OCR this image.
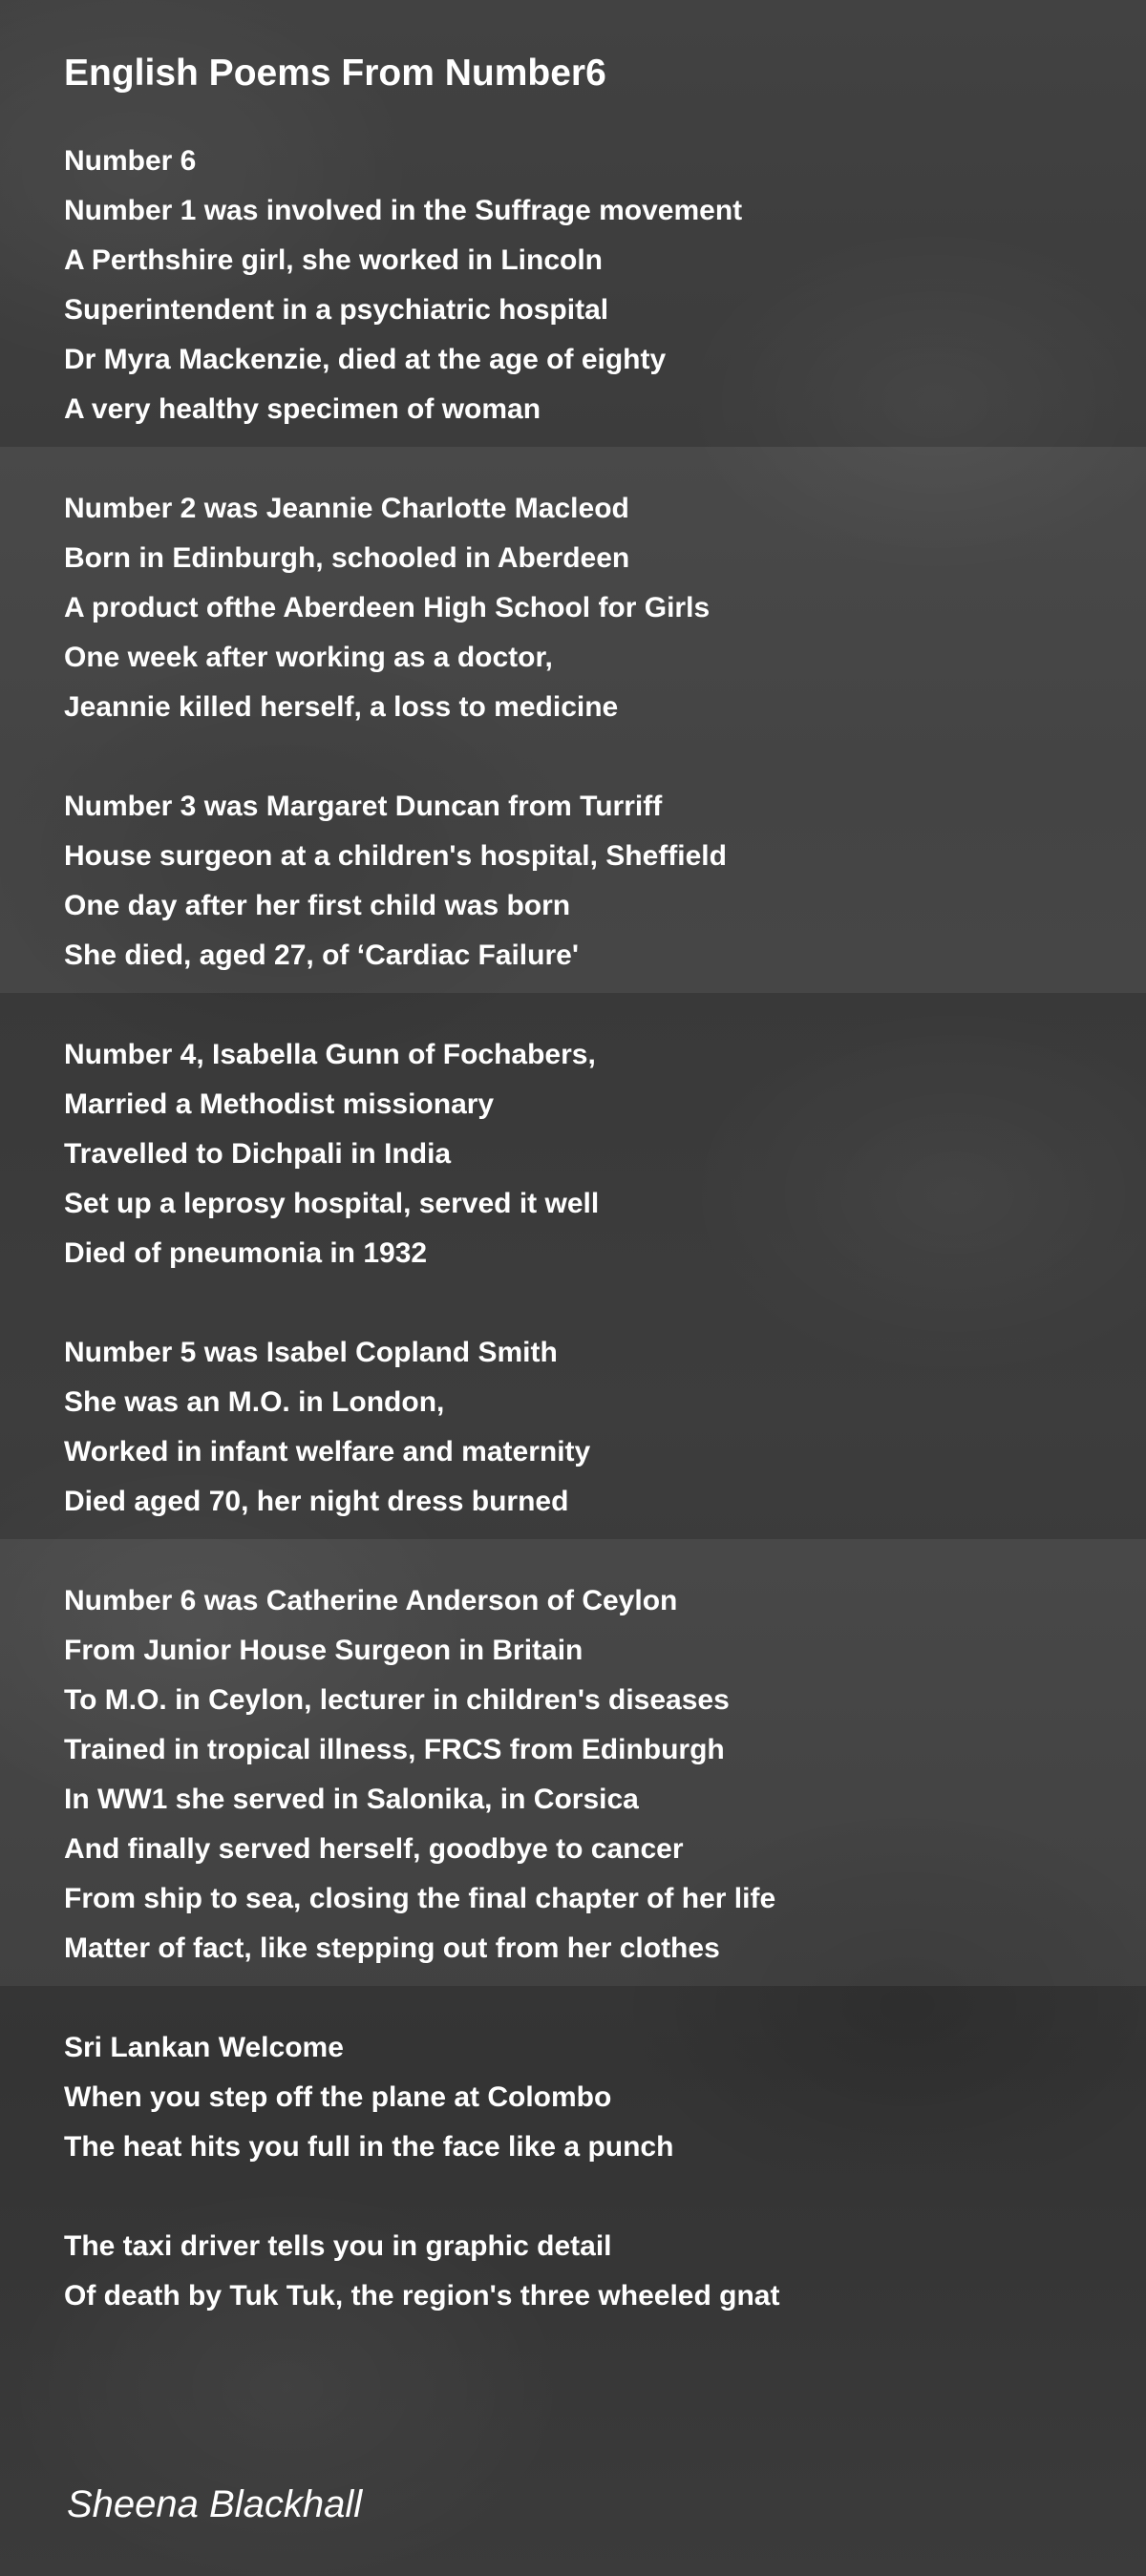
English Poems From Number6
Number 6
Number 1 was involved in the Suffrage movement
A Perthshire girl, she worked in Lincoln
Superintendent in a psychiatric hospital
Dr Myra Mackenzie, died at the age of eighty
A very healthy specimen of woman
Number 2 was Jeannie Charlotte Macleod
Born in Edinburgh, schooled in Aberdeen
A product ofthe Aberdeen High School for Girls
One week after working as a doctor,
Jeannie killed herself, a loss to medicine
Number 3 was Margaret Duncan from Turriff
House surgeon at a children's hospital, Sheffield
One day after her first child was born
She died, aged 27, of ‘Cardiac Failure'
Number 4, Isabella Gunn of Fochabers,
Married a Methodist missionary
Travelled to Dichpali in India
Set up a leprosy hospital, served it well
Died of pneumonia in 1932
Number 5 was Isabel Copland Smith
She was an M.O. in London,
Worked in infant welfare and maternity
Died aged 70, her night dress burned
Number 6 was Catherine Anderson of Ceylon
From Junior House Surgeon in Britain
To M.O. in Ceylon, lecturer in children's diseases
Trained in tropical illness, FRCS from Edinburgh
In WW1 she served in Salonika, in Corsica
And finally served herself, goodbye to cancer
From ship to sea, closing the final chapter of her life
Matter of fact, like stepping out from her clothes
Sri Lankan Welcome
When you step off the plane at Colombo
The heat hits you full in the face like a punch
The taxi driver tells you in graphic detail
Of death by Tuk Tuk, the region's three wheeled gnat
Sheena Blackhall
